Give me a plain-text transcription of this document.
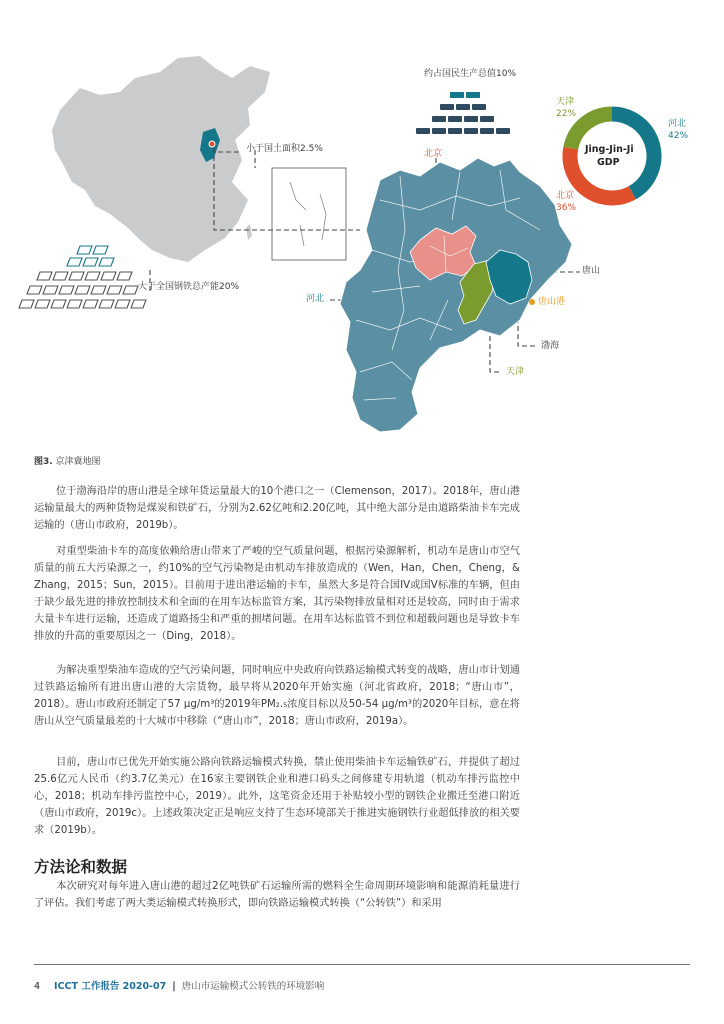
约占国民生产总值10%
小于国土面积2.5%
大于全国钢铁总产能20%
北京
河北
唐山
唐山港
渤海
天津
Jing-Jin-Ji
GDP
天津
22%
河北
42%
北京
36%
图3. 京津冀地图
位于渤海沿岸的唐山港是全球年货运量最大的10个港口之一（Clemenson，2017）。2018年，唐山港运输量最大的两种货物是煤炭和铁矿石，分别为2.62亿吨和2.20亿吨，其中绝大部分是由道路柴油卡车完成运输的（唐山市政府，2019b）。
对重型柴油卡车的高度依赖给唐山带来了严峻的空气质量问题，根据污染源解析，机动车是唐山市空气质量的前五大污染源之一，约10%的空气污染物是由机动车排放造成的（Wen，Han，Chen，Cheng，& Zhang，2015；Sun，2015）。目前用于进出港运输的卡车，虽然大多是符合国IV或国V标准的车辆，但由于缺少最先进的排放控制技术和全面的在用车达标监管方案，其污染物排放量相对还是较高，同时由于需求大量卡车进行运输，还造成了道路扬尘和严重的拥堵问题。在用车达标监管不到位和超载问题也是导致卡车排放的升高的重要原因之一（Ding，2018）。
为解决重型柴油车造成的空气污染问题，同时响应中央政府向铁路运输模式转变的战略，唐山市计划通过铁路运输所有进出唐山港的大宗货物，最早将从2020年开始实施（河北省政府，2018；“唐山市”，2018）。唐山市政府还制定了57 μg/m³的2019年PM₂.₅浓度目标以及50-54 μg/m³的2020年目标，意在将唐山从空气质量最差的十大城市中移除（“唐山市”，2018；唐山市政府，2019a）。
目前，唐山市已优先开始实施公路向铁路运输模式转换，禁止使用柴油卡车运输铁矿石，并提供了超过25.6亿元人民币（约3.7亿美元）在16家主要钢铁企业和港口码头之间修建专用轨道（机动车排污监控中心，2018；机动车排污监控中心，2019）。此外，这笔资金还用于补贴较小型的钢铁企业搬迁至港口附近（唐山市政府，2019c）。上述政策决定正是响应支持了生态环境部关于推进实施钢铁行业超低排放的相关要求（2019b）。
方法论和数据
本次研究对每年进入唐山港的超过2亿吨铁矿石运输所需的燃料全生命周期环境影响和能源消耗量进行了评估。我们考虑了两大类运输模式转换形式，即向铁路运输模式转换（“公转铁”）和采用
4 ICCT 工作报告 2020-07 | 唐山市运输模式公转铁的环境影响
